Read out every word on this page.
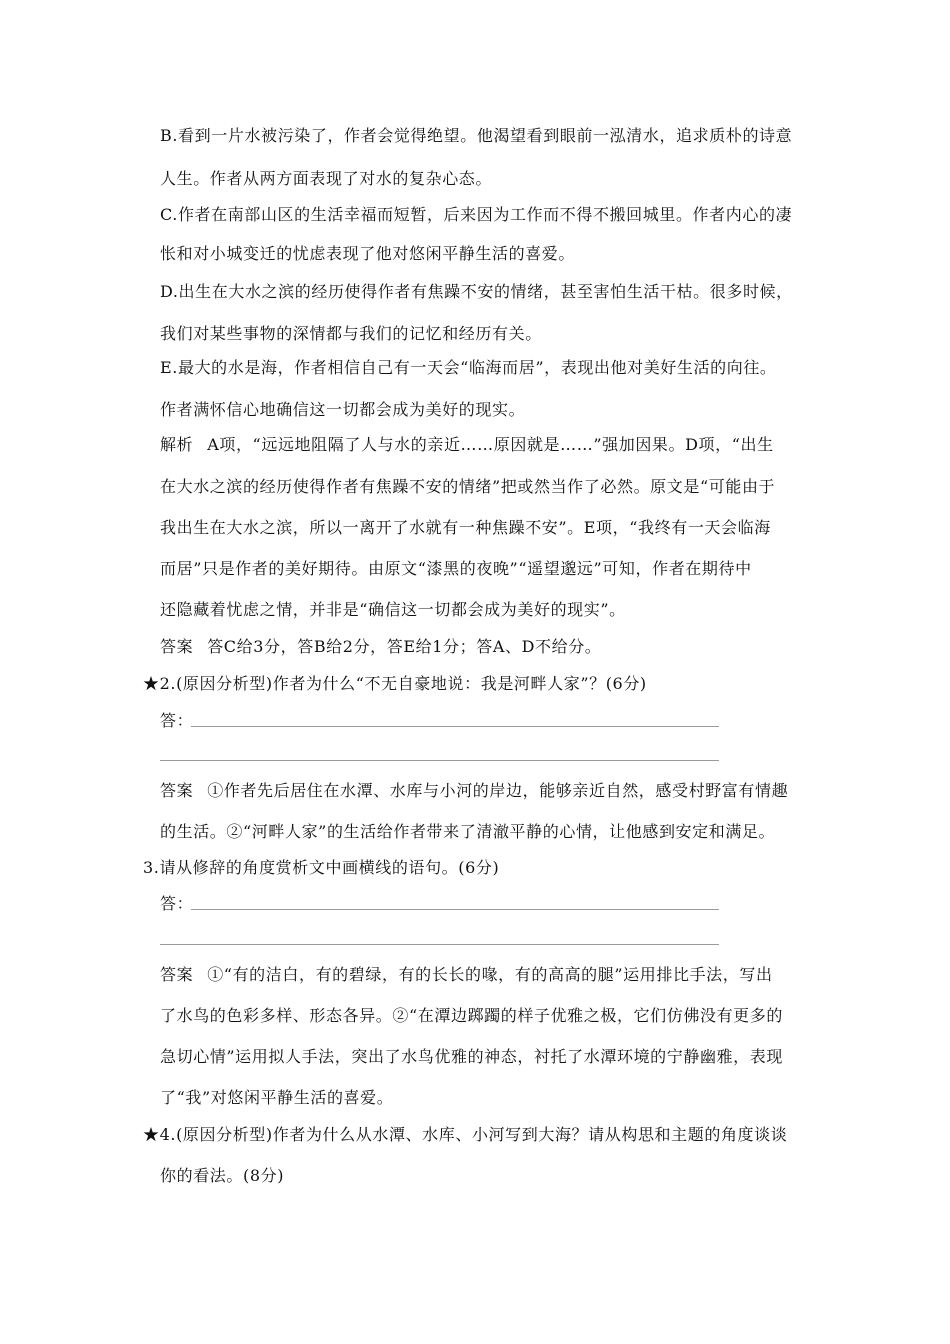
B.看到一片水被污染了，作者会觉得绝望。他渴望看到眼前一泓清水，追求质朴的诗意
人生。作者从两方面表现了对水的复杂心态。
C.作者在南部山区的生活幸福而短暂，后来因为工作而不得不搬回城里。作者内心的凄
怅和对小城变迁的忧虑表现了他对悠闲平静生活的喜爱。
D.出生在大水之滨的经历使得作者有焦躁不安的情绪，甚至害怕生活干枯。很多时候，
我们对某些事物的深情都与我们的记忆和经历有关。
E.最大的水是海，作者相信自己有一天会“临海而居”，表现出他对美好生活的向往。
作者满怀信心地确信这一切都会成为美好的现实。
解析 A项，“远远地阻隔了人与水的亲近……原因就是……”强加因果。D项，“出生
在大水之滨的经历使得作者有焦躁不安的情绪”把或然当作了必然。原文是“可能由于
我出生在大水之滨，所以一离开了水就有一种焦躁不安”。E项，“我终有一天会临海
而居”只是作者的美好期待。由原文“漆黑的夜晚”“遥望邈远”可知，作者在期待中
还隐藏着忧虑之情，并非是“确信这一切都会成为美好的现实”。
答案 答C给3分，答B给2分，答E给1分；答A、D不给分。
★2.(原因分析型)作者为什么“不无自豪地说：我是河畔人家”？(6分)
答：
答案 ①作者先后居住在水潭、水库与小河的岸边，能够亲近自然，感受村野富有情趣
的生活。②“河畔人家”的生活给作者带来了清澈平静的心情，让他感到安定和满足。
3.请从修辞的角度赏析文中画横线的语句。(6分)
答：
答案 ①“有的洁白，有的碧绿，有的长长的喙，有的高高的腿”运用排比手法，写出
了水鸟的色彩多样、形态各异。②“在潭边踯躅的样子优雅之极，它们仿佛没有更多的
急切心情”运用拟人手法，突出了水鸟优雅的神态，衬托了水潭环境的宁静幽雅，表现
了“我”对悠闲平静生活的喜爱。
★4.(原因分析型)作者为什么从水潭、水库、小河写到大海？请从构思和主题的角度谈谈
你的看法。(8分)
